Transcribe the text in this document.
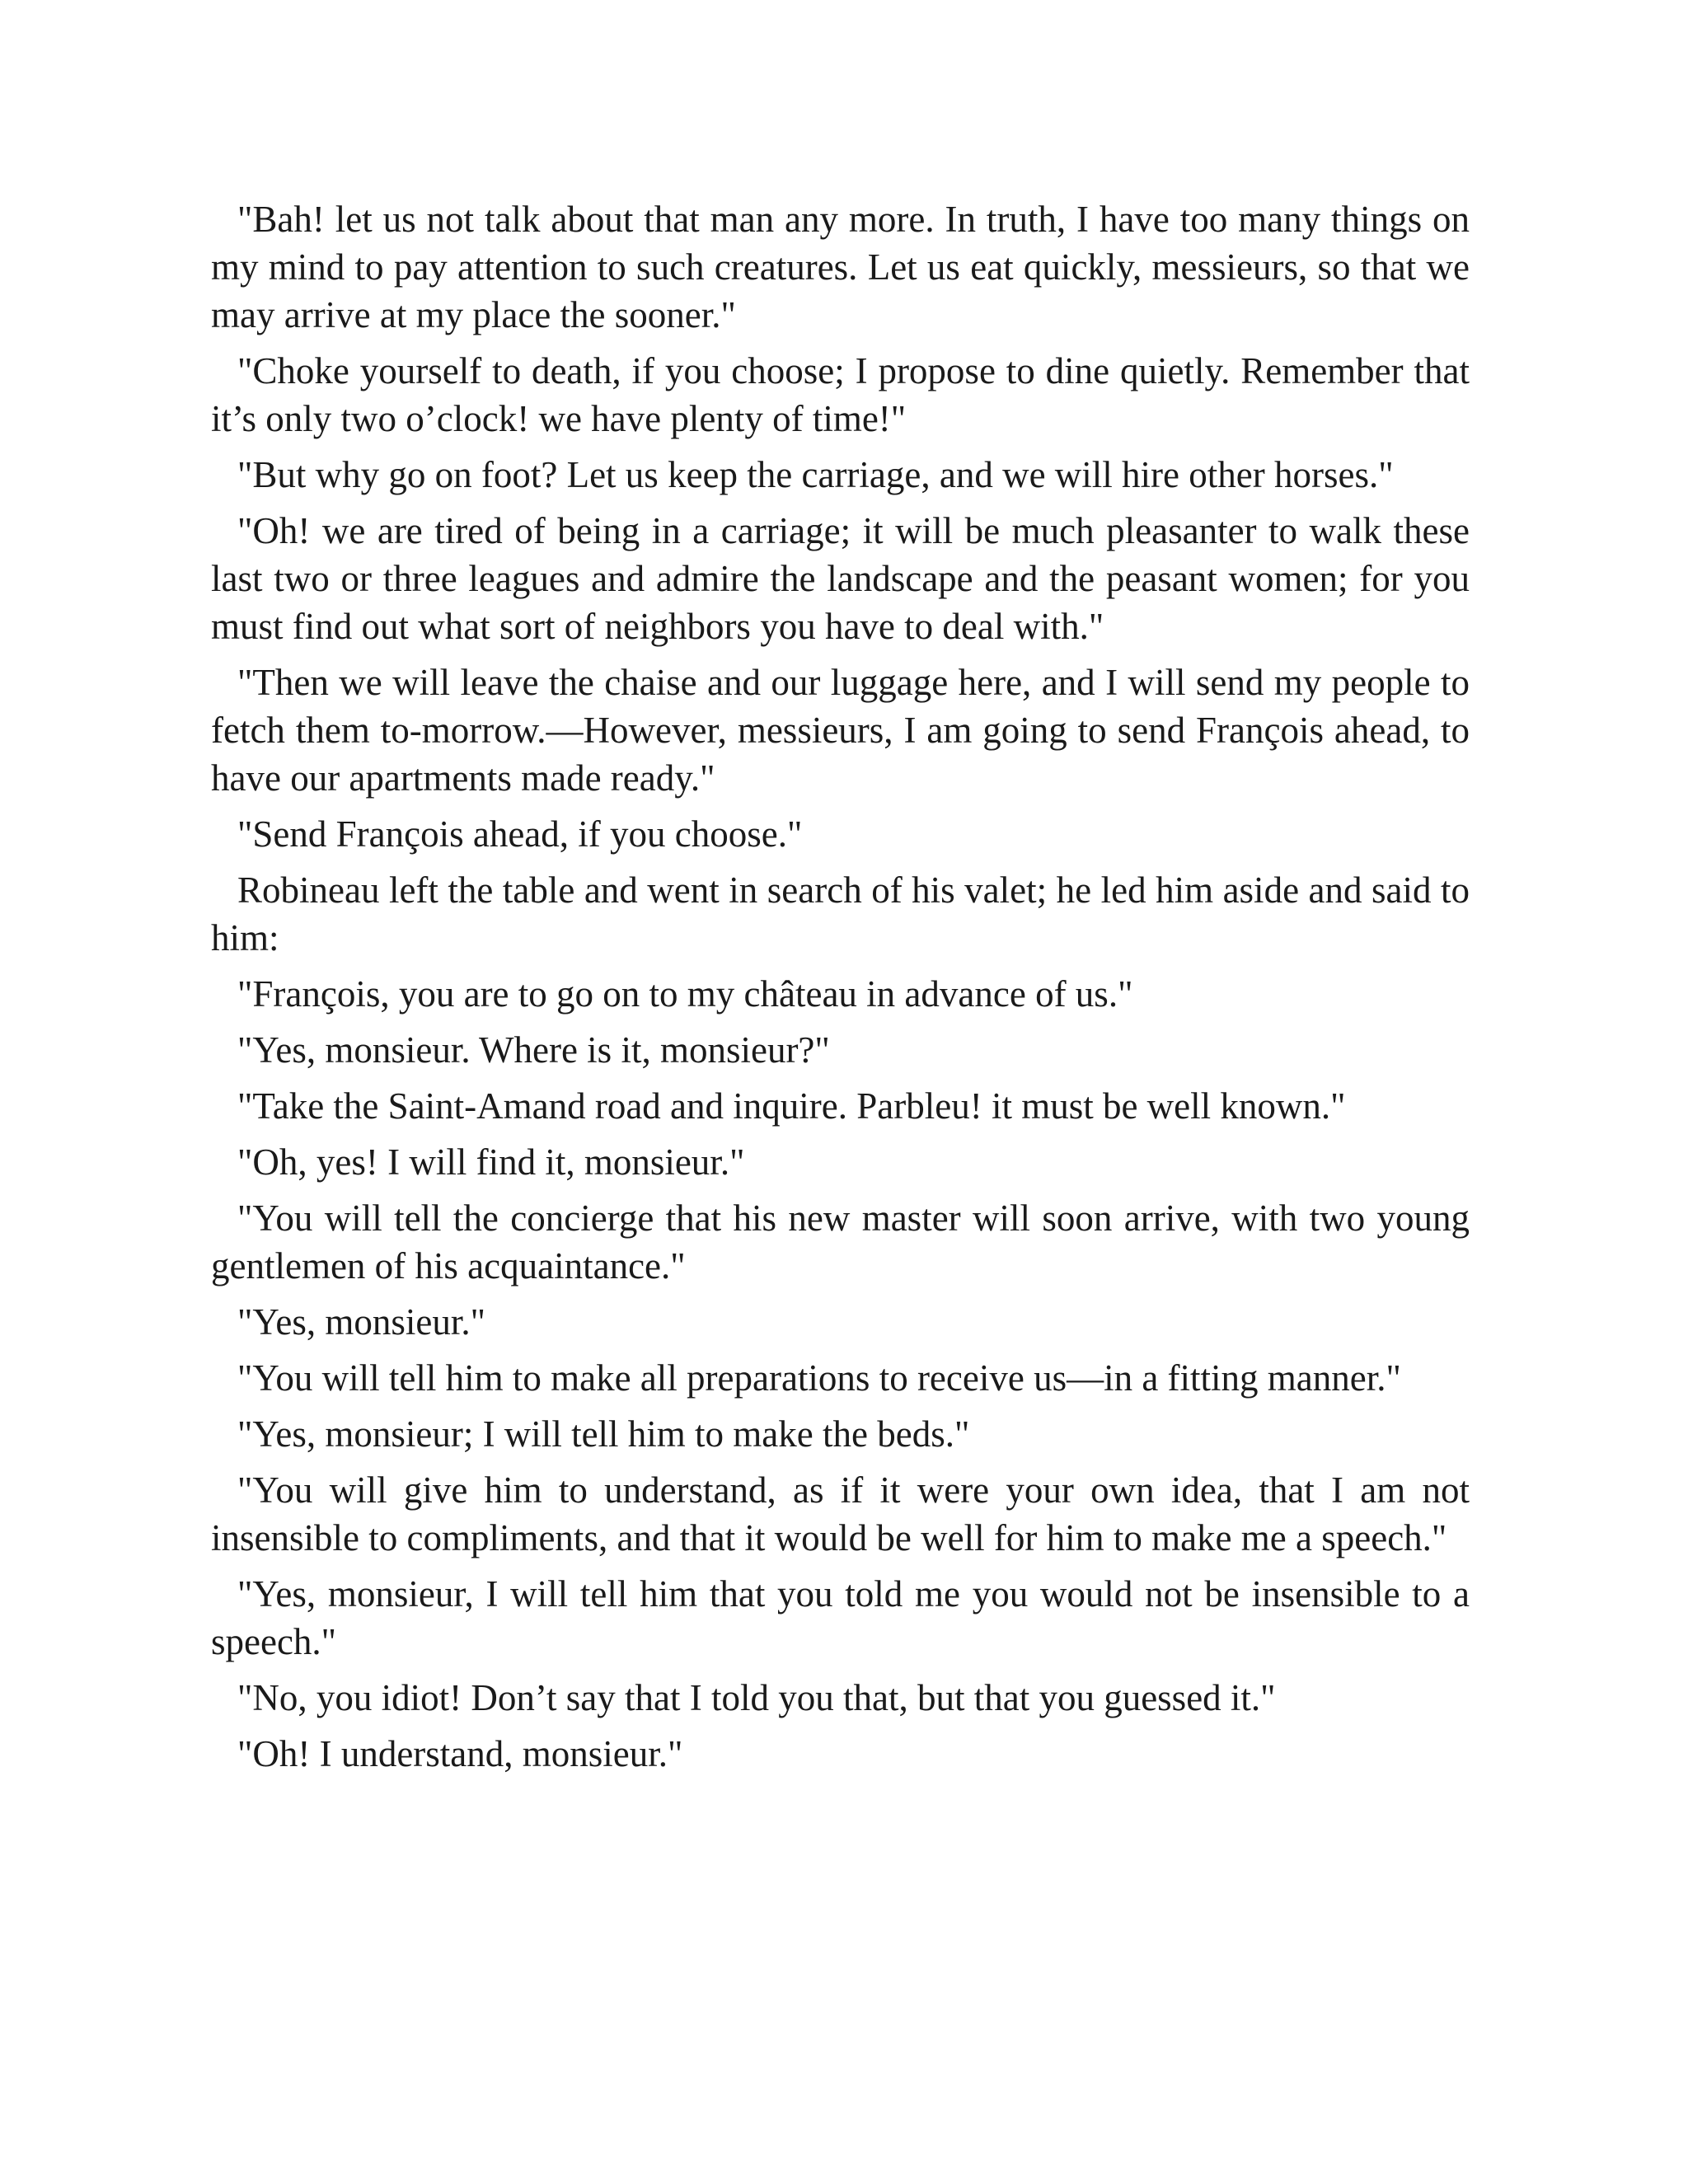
"Bah! let us not talk about that man any more. In truth, I have too many things on my mind to pay attention to such creatures. Let us eat quickly, messieurs, so that we may arrive at my place the sooner."

"Choke yourself to death, if you choose; I propose to dine quietly. Remember that it’s only two o’clock! we have plenty of time!"

"But why go on foot? Let us keep the carriage, and we will hire other horses."

"Oh! we are tired of being in a carriage; it will be much pleasanter to walk these last two or three leagues and admire the landscape and the peasant women; for you must find out what sort of neighbors you have to deal with."

"Then we will leave the chaise and our luggage here, and I will send my people to fetch them to-morrow.—However, messieurs, I am going to send François ahead, to have our apartments made ready."

"Send François ahead, if you choose."

Robineau left the table and went in search of his valet; he led him aside and said to him:

"François, you are to go on to my château in advance of us."

"Yes, monsieur. Where is it, monsieur?"

"Take the Saint-Amand road and inquire. Parbleu! it must be well known."

"Oh, yes! I will find it, monsieur."

"You will tell the concierge that his new master will soon arrive, with two young gentlemen of his acquaintance."

"Yes, monsieur."

"You will tell him to make all preparations to receive us—in a fitting manner."

"Yes, monsieur; I will tell him to make the beds."

"You will give him to understand, as if it were your own idea, that I am not insensible to compliments, and that it would be well for him to make me a speech."

"Yes, monsieur, I will tell him that you told me you would not be insensible to a speech."

"No, you idiot! Don’t say that I told you that, but that you guessed it."

"Oh! I understand, monsieur."
